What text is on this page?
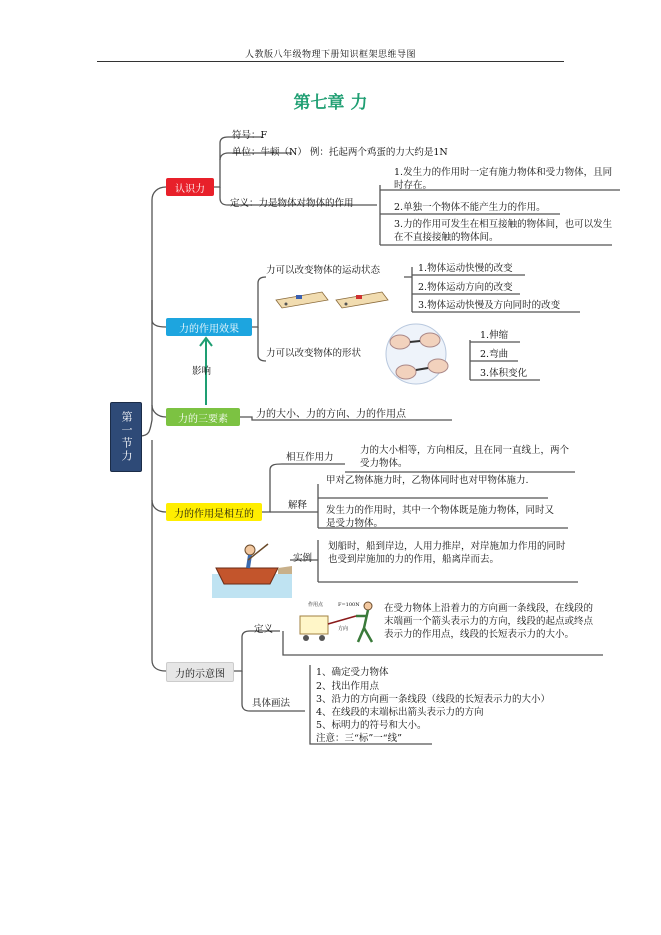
人教版八年级物理下册知识框架思维导图
第七章 力
第一节力
认识力
符号：F
单位：牛顿（N） 例：托起两个鸡蛋的力大约是1N
定义：力是物体对物体的作用
1.发生力的作用时一定有施力物体和受力物体，且同时存在。
2.单独一个物体不能产生力的作用。
3.力的作用可发生在相互接触的物体间，也可以发生在不直接接触的物体间。
力的作用效果
力可以改变物体的运动状态	1.物体运动快慢的改变
2.物体运动方向的改变
3.物体运动快慢及方向同时的改变
力可以改变物体的形状
1.伸缩
2.弯曲
3.体积变化
影响
力的三要素	力的大小、力的方向、力的作用点
力的作用是相互的
相互作用力
力的大小相等，方向相反，且在同一直线上，两个受力物体。
解释
甲对乙物体施力时，乙物体同时也对甲物体施力.
发生力的作用时，其中一个物体既是施力物体，同时又是受力物体。
实例
划船时，船到岸边，人用力推岸，对岸施加力作用的同时也受到岸施加的力的作用，船离岸而去。
力的示意图
定义
在受力物体上沿着力的方向画一条线段，在线段的末端画一个箭头表示力的方向，线段的起点或终点表示力的作用点，线段的长短表示力的大小。
具体画法
1、确定受力物体
2、找出作用点
3、沿力的方向画一条线段（线段的长短表示力的大小）
4、在线段的末端标出箭头表示力的方向
5、标明力的符号和大小。
注意：三“标”一“线”
作用点	F=100N
方向
